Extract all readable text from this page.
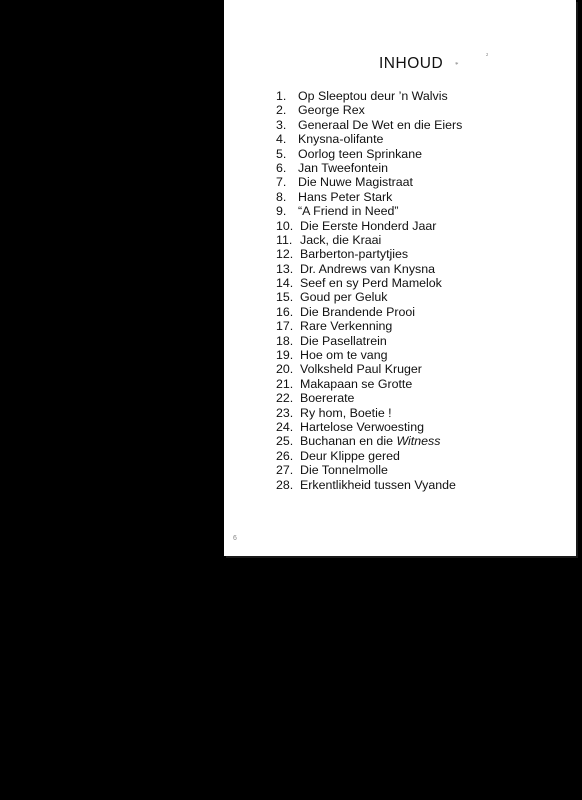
*
²
INHOUD
1. Op Sleeptou deur ’n Walvis
2. George Rex
3. Generaal De Wet en die Eiers
4. Knysna-olifante
5. Oorlog teen Sprinkane
6. Jan Tweefontein
7. Die Nuwe Magistraat
8. Hans Peter Stark
9. “A Friend in Need”
10. Die Eerste Honderd Jaar
11. Jack, die Kraai
12. Barberton-partytjies
13. Dr. Andrews van Knysna
14. Seef en sy Perd Mamelok
15. Goud per Geluk
16. Die Brandende Prooi
17. Rare Verkenning
18. Die Pasellatrein
19. Hoe om te vang
20. Volksheld Paul Kruger
21. Makapaan se Grotte
22. Boererate
23. Ry hom, Boetie !
24. Hartelose Verwoesting
25. Buchanan en die Witness
26. Deur Klippe gered
27. Die Tonnelmolle
28. Erkentlikheid tussen Vyande
6
